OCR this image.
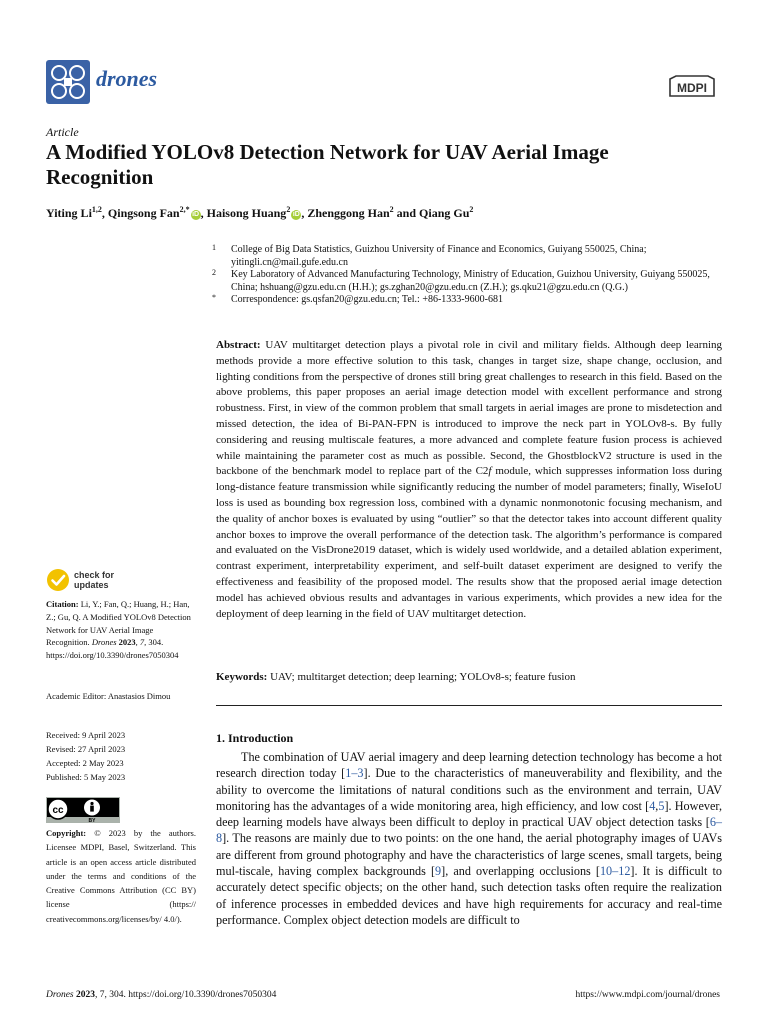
drones	MDPI
Article
A Modified YOLOv8 Detection Network for UAV Aerial Image Recognition
Yiting Li$^{1,2}$, Qingsong Fan$^{2,*}$iD , Haisong Huang$^2$iD , Zhenggong Han$^2$ and Qiang Gu$^2$
1 College of Big Data Statistics, Guizhou University of Finance and Economics, Guiyang 550025, China; yitingli.cn@mail.gufe.edu.cn
2 Key Laboratory of Advanced Manufacturing Technology, Ministry of Education, Guizhou University, Guiyang 550025, China; hshuang@gzu.edu.cn (H.H.); gs.zghan20@gzu.edu.cn (Z.H.); gs.qku21@gzu.edu.cn (Q.G.)
* Correspondence: gs.qsfan20@gzu.edu.cn; Tel.: +86-1333-9600-681
Abstract: UAV multitarget detection plays a pivotal role in civil and military fields. Although deep learning methods provide a more effective solution to this task, changes in target size, shape change, occlusion, and lighting conditions from the perspective of drones still bring great challenges to research in this field. Based on the above problems, this paper proposes an aerial image detection model with excellent performance and strong robustness. First, in view of the common problem that small targets in aerial images are prone to misdetection and missed detection, the idea of Bi-PAN-FPN is introduced to improve the neck part in YOLOv8-s. By fully considering and reusing multiscale features, a more advanced and complete feature fusion process is achieved while maintaining the parameter cost as much as possible. Second, the GhostblockV2 structure is used in the backbone of the benchmark model to replace part of the C2f module, which suppresses information loss during long-distance feature transmission while significantly reducing the number of model parameters; finally, WiseIoU loss is used as bounding box regression loss, combined with a dynamic nonmonotonic focusing mechanism, and the quality of anchor boxes is evaluated by using “outlier” so that the detector takes into account different quality anchor boxes to improve the overall performance of the detection task. The algorithm’s performance is compared and evaluated on the VisDrone2019 dataset, which is widely used worldwide, and a detailed ablation experiment, contrast experiment, interpretability experiment, and self-built dataset experiment are designed to verify the effectiveness and feasibility of the proposed model. The results show that the proposed aerial image detection model has achieved obvious results and advantages in various experiments, which provides a new idea for the deployment of deep learning in the field of UAV multitarget detection.
Keywords: UAV; multitarget detection; deep learning; YOLOv8-s; feature fusion
1. Introduction
The combination of UAV aerial imagery and deep learning detection technology has become a hot research direction today [1–3]. Due to the characteristics of maneuverability and flexibility, and the ability to overcome the limitations of natural conditions such as the environment and terrain, UAV monitoring has the advantages of a wide monitoring area, high efficiency, and low cost [4,5]. However, deep learning models have always been difficult to deploy in practical UAV object detection tasks [6–8]. The reasons are mainly due to two points: on the one hand, the aerial photography images of UAVs are different from ground photography and have the characteristics of large scenes, small targets, being mul-tiscale, having complex backgrounds [9], and overlapping occlusions [10–12]. It is difficult to accurately detect specific objects; on the other hand, such detection tasks often require the realization of inference processes in embedded devices and have high requirements for accuracy and real-time performance. Complex object detection models are difficult to
check for
updates
Citation: Li, Y.; Fan, Q.; Huang, H.; Han, Z.; Gu, Q. A Modified YOLOv8 Detection Network for UAV Aerial Image Recognition. Drones 2023, 7, 304. https://doi.org/10.3390/drones7050304
Academic Editor: Anastasios Dimou
Received: 9 April 2023
Revised: 27 April 2023
Accepted: 2 May 2023
Published: 5 May 2023
cc
BY
Copyright: © 2023 by the authors. Licensee MDPI, Basel, Switzerland. This article is an open access article distributed under the terms and conditions of the Creative Commons Attribution (CC BY) license (https:// creativecommons.org/licenses/by/ 4.0/).
Drones 2023, 7, 304. https://doi.org/10.3390/drones7050304	https://www.mdpi.com/journal/drones
